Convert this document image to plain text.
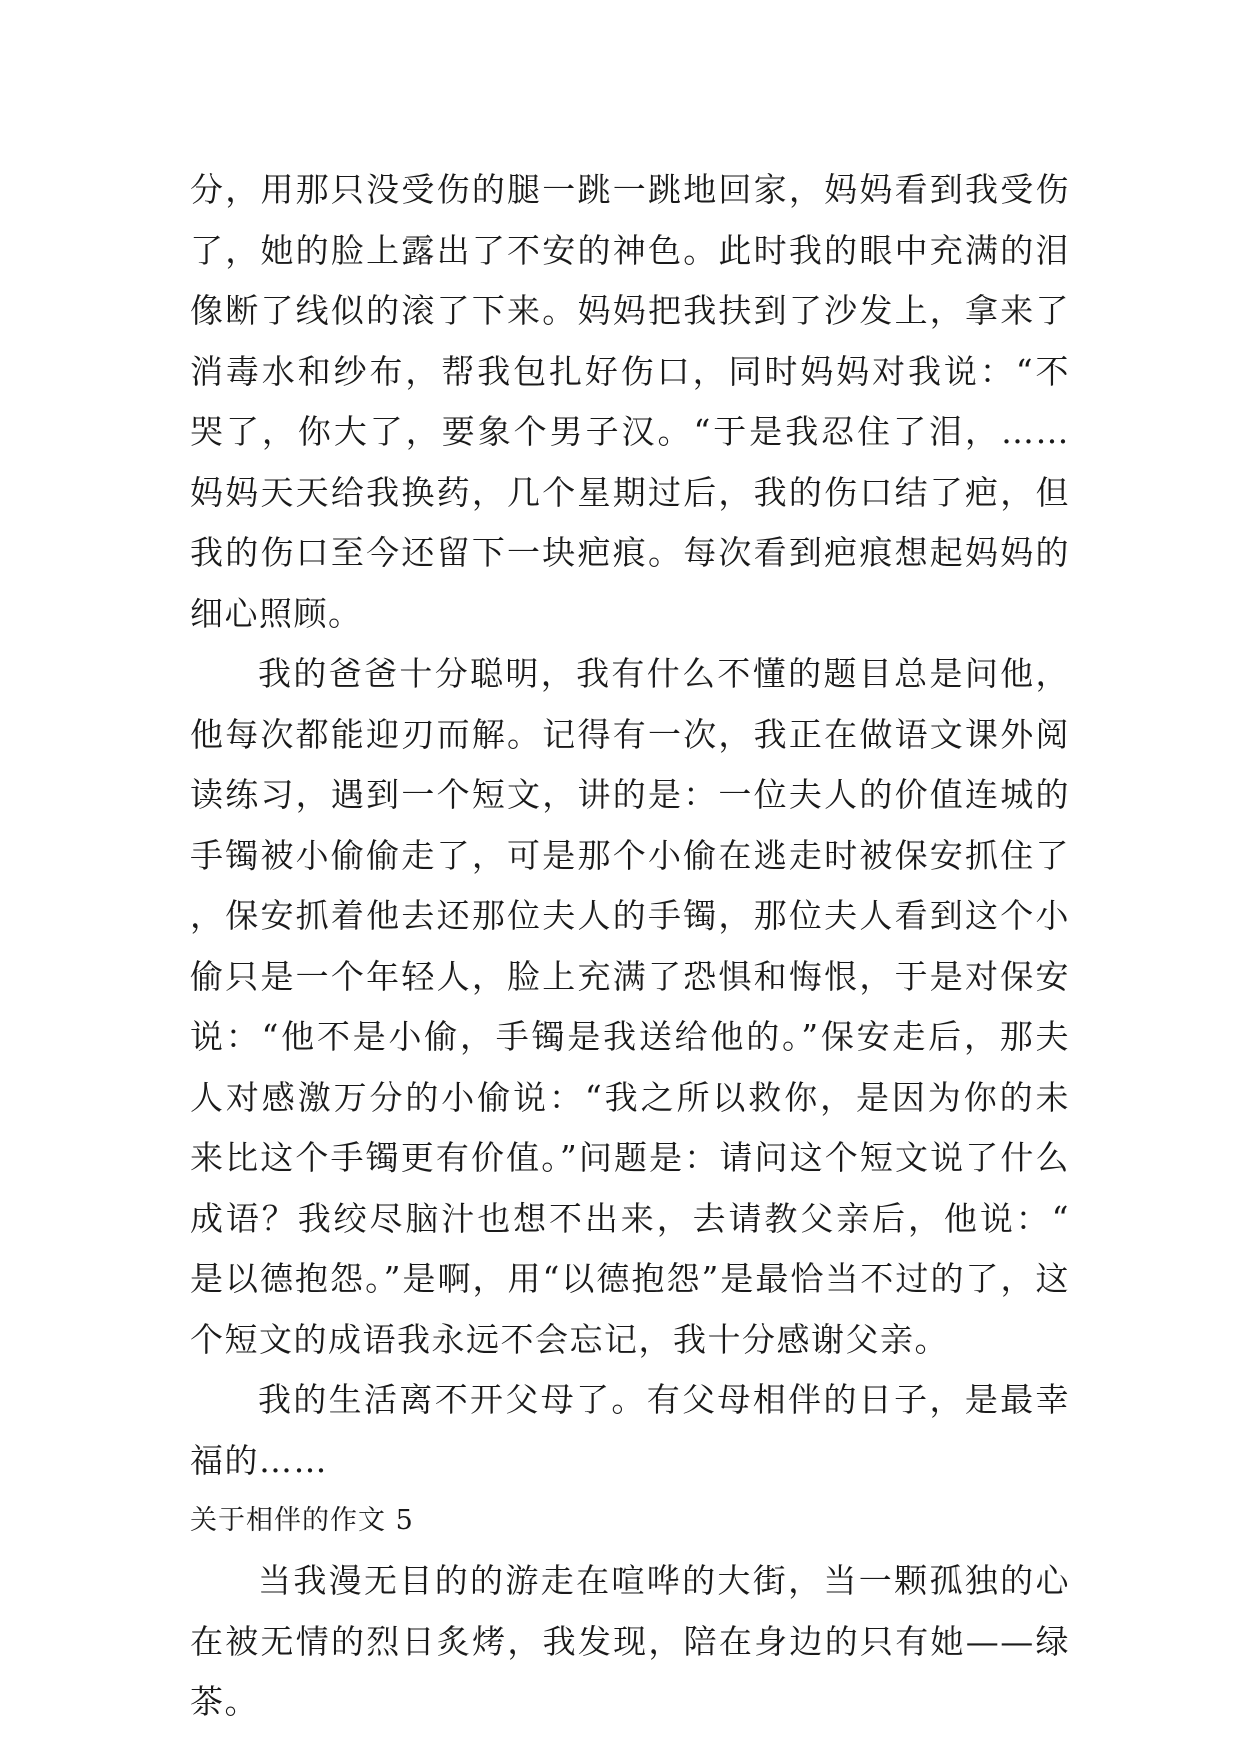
分，用那只没受伤的腿一跳一跳地回家，妈妈看到我受伤了，她的脸上露出了不安的神色。此时我的眼中充满的泪像断了线似的滚了下来。妈妈把我扶到了沙发上，拿来了消毒水和纱布，帮我包扎好伤口，同时妈妈对我说：“不哭了，你大了，要象个男子汉。“于是我忍住了泪，……妈妈天天给我换药，几个星期过后，我的伤口结了疤，但我的伤口至今还留下一块疤痕。每次看到疤痕想起妈妈的细心照顾。

我的爸爸十分聪明，我有什么不懂的题目总是问他，他每次都能迎刃而解。记得有一次，我正在做语文课外阅读练习，遇到一个短文，讲的是：一位夫人的价值连城的手镯被小偷偷走了，可是那个小偷在逃走时被保安抓住了，保安抓着他去还那位夫人的手镯，那位夫人看到这个小偷只是一个年轻人，脸上充满了恐惧和悔恨，于是对保安说：“他不是小偷，手镯是我送给他的。”保安走后，那夫人对感激万分的小偷说：“我之所以救你，是因为你的未来比这个手镯更有价值。”问题是：请问这个短文说了什么成语？我绞尽脑汁也想不出来，去请教父亲后，他说：“是以德抱怨。”是啊，用“以德抱怨”是最恰当不过的了，这个短文的成语我永远不会忘记，我十分感谢父亲。

我的生活离不开父母了。有父母相伴的日子，是最幸福的……

关于相伴的作文 5

当我漫无目的的游走在喧哗的大街，当一颗孤独的心在被无情的烈日炙烤，我发现，陪在身边的只有她——绿茶。
